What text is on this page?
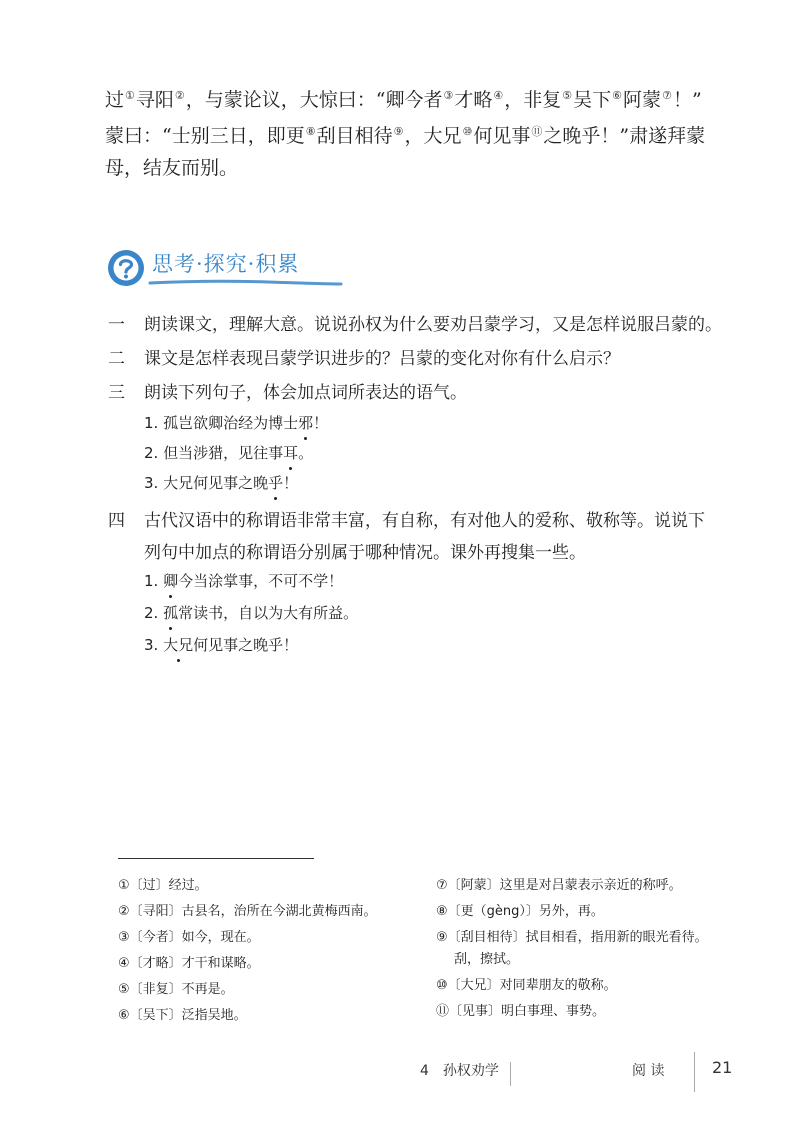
过①寻阳②，与蒙论议，大惊曰：“卿今者③才略④，非复⑤吴下⑥阿蒙⑦！”
蒙曰：“士别三日，即更⑧刮目相待⑨，大兄⑩何见事⑪之晚乎！”肃遂拜蒙
母，结友而别。
思考·探究·积累
一 朗读课文，理解大意。说说孙权为什么要劝吕蒙学习，又是怎样说服吕蒙的。
二 课文是怎样表现吕蒙学识进步的？吕蒙的变化对你有什么启示？
三 朗读下列句子，体会加点词所表达的语气。
1. 孤岂欲卿治经为博士邪！
2. 但当涉猎，见往事耳。
3. 大兄何见事之晚乎！
四 古代汉语中的称谓语非常丰富，有自称，有对他人的爱称、敬称等。说说下
列句中加点的称谓语分别属于哪种情况。课外再搜集一些。
1. 卿今当涂掌事，不可不学！
2. 孤常读书，自以为大有所益。
3. 大兄何见事之晚乎！
①〔过〕经过。
②〔寻阳〕古县名，治所在今湖北黄梅西南。
③〔今者〕如今，现在。
④〔才略〕才干和谋略。
⑤〔非复〕不再是。
⑥〔吴下〕泛指吴地。
⑦〔阿蒙〕这里是对吕蒙表示亲近的称呼。
⑧〔更（gèng）〕另外，再。
⑨〔刮目相待〕拭目相看，指用新的眼光看待。
刮，擦拭。
⑩〔大兄〕对同辈朋友的敬称。
⑪〔见事〕明白事理、事势。
4　孙权劝学	阅 读	21
